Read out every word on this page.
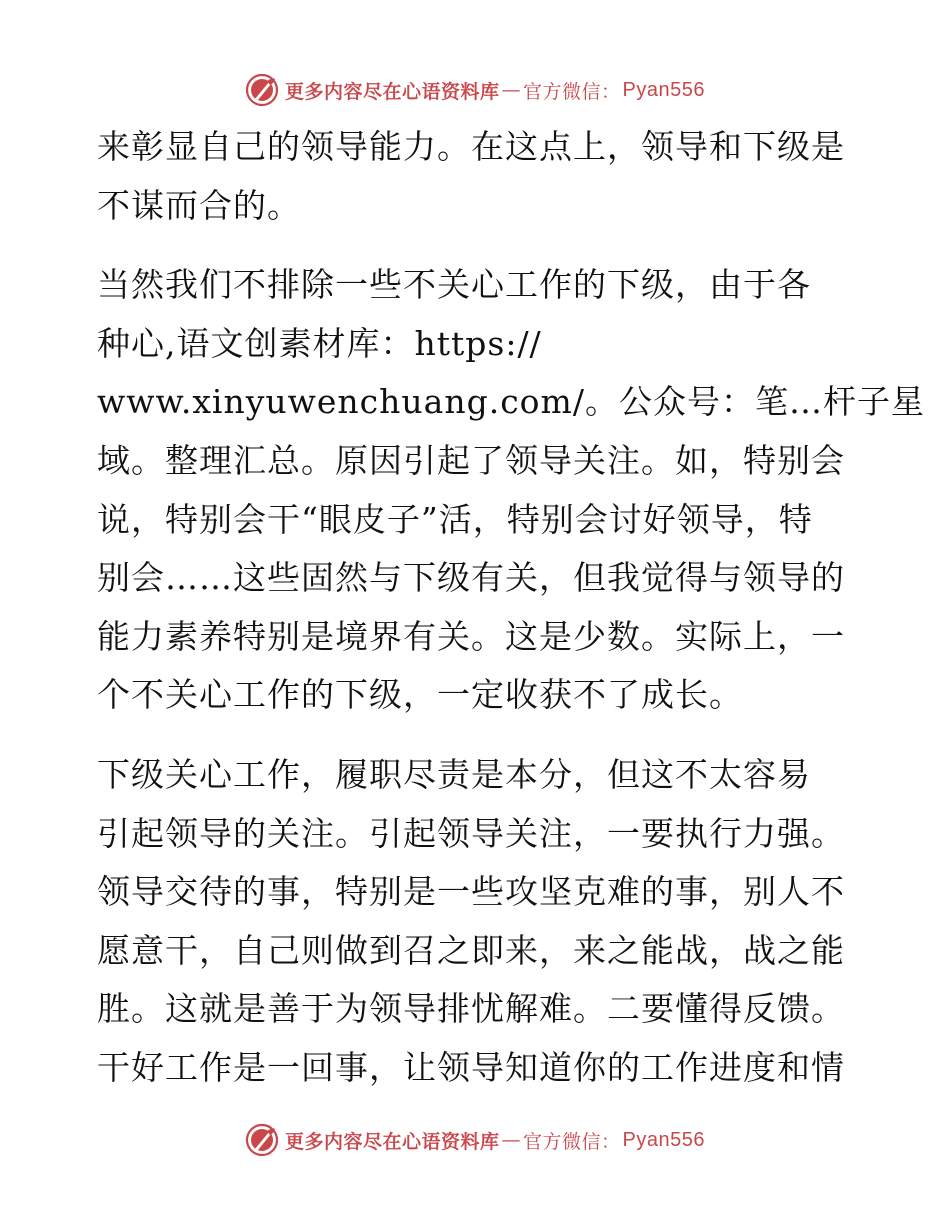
更多内容尽在心语资料库 — 官方微信： Pyan556
来彰显自己的领导能力。在这点上，领导和下级是
不谋而合的。
当然我们不排除一些不关心工作的下级，由于各
种心,语文创素材库：https://
www.xinyuwenchuang.com/。公众号：笔…杆子星
域。整理汇总。原因引起了领导关注。如，特别会
说，特别会干“眼皮子”活，特别会讨好领导，特
别会……这些固然与下级有关，但我觉得与领导的
能力素养特别是境界有关。这是少数。实际上，一
个不关心工作的下级，一定收获不了成长。
下级关心工作，履职尽责是本分，但这不太容易
引起领导的关注。引起领导关注，一要执行力强。
领导交待的事，特别是一些攻坚克难的事，别人不
愿意干，自己则做到召之即来，来之能战，战之能
胜。这就是善于为领导排忧解难。二要懂得反馈。
干好工作是一回事，让领导知道你的工作进度和情
更多内容尽在心语资料库 — 官方微信： Pyan556
